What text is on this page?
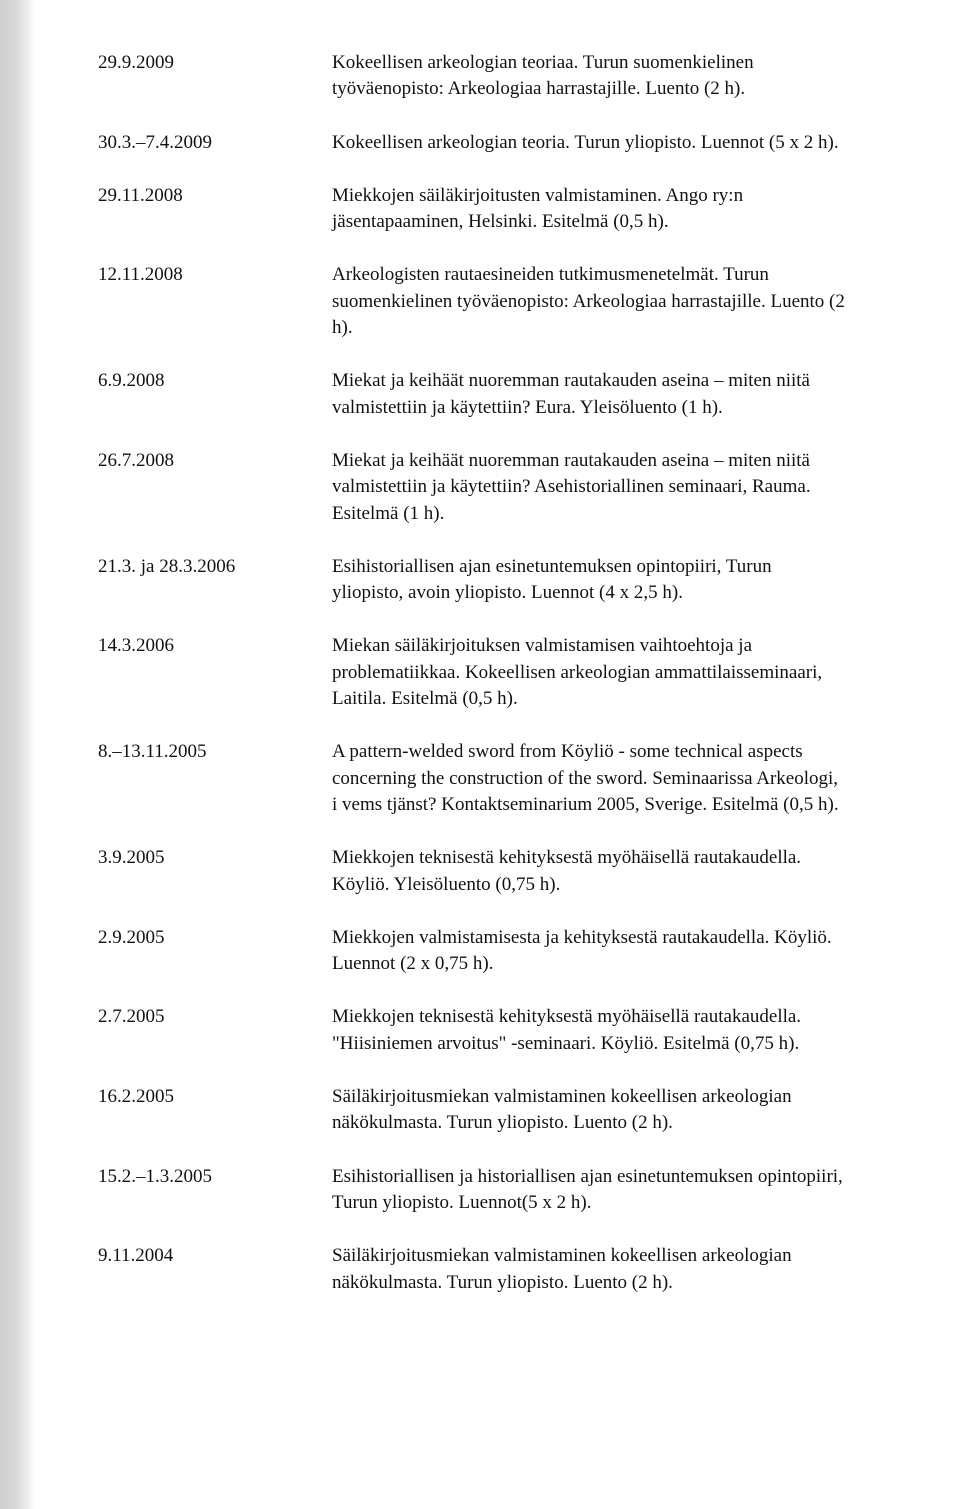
29.9.2009	Kokeellisen arkeologian teoriaa. Turun suomenkielinen
työväenopisto: Arkeologiaa harrastajille. Luento (2 h).
30.3.–7.4.2009	Kokeellisen arkeologian teoria. Turun yliopisto. Luennot (5 x 2 h).
29.11.2008	Miekkojen säiläkirjoitusten valmistaminen. Ango ry:n
jäsentapaaminen, Helsinki. Esitelmä (0,5 h).
12.11.2008	Arkeologisten rautaesineiden tutkimusmenetelmät. Turun
suomenkielinen työväenopisto: Arkeologiaa harrastajille. Luento (2
h).
6.9.2008	Miekat ja keihäät nuoremman rautakauden aseina – miten niitä
valmistettiin ja käytettiin? Eura. Yleisöluento (1 h).
26.7.2008	Miekat ja keihäät nuoremman rautakauden aseina – miten niitä
valmistettiin ja käytettiin? Asehistoriallinen seminaari, Rauma.
Esitelmä (1 h).
21.3. ja 28.3.2006	Esihistoriallisen ajan esinetuntemuksen opintopiiri, Turun
yliopisto, avoin yliopisto. Luennot (4 x 2,5 h).
14.3.2006	Miekan säiläkirjoituksen valmistamisen vaihtoehtoja ja
problematiikkaa. Kokeellisen arkeologian ammattilaisseminaari,
Laitila. Esitelmä (0,5 h).
8.–13.11.2005	A pattern-welded sword from Köyliö - some technical aspects
concerning the construction of the sword. Seminaarissa Arkeologi,
i vems tjänst? Kontaktseminarium 2005, Sverige. Esitelmä (0,5 h).
3.9.2005	Miekkojen teknisestä kehityksestä myöhäisellä rautakaudella.
Köyliö. Yleisöluento (0,75 h).
2.9.2005	Miekkojen valmistamisesta ja kehityksestä rautakaudella. Köyliö.
Luennot (2 x 0,75 h).
2.7.2005	Miekkojen teknisestä kehityksestä myöhäisellä rautakaudella.
"Hiisiniemen arvoitus" -seminaari. Köyliö. Esitelmä (0,75 h).
16.2.2005	Säiläkirjoitusmiekan valmistaminen kokeellisen arkeologian
näkökulmasta. Turun yliopisto. Luento (2 h).
15.2.–1.3.2005	Esihistoriallisen ja historiallisen ajan esinetuntemuksen opintopiiri,
Turun yliopisto. Luennot(5 x 2 h).
9.11.2004	Säiläkirjoitusmiekan valmistaminen kokeellisen arkeologian
näkökulmasta. Turun yliopisto. Luento (2 h).
